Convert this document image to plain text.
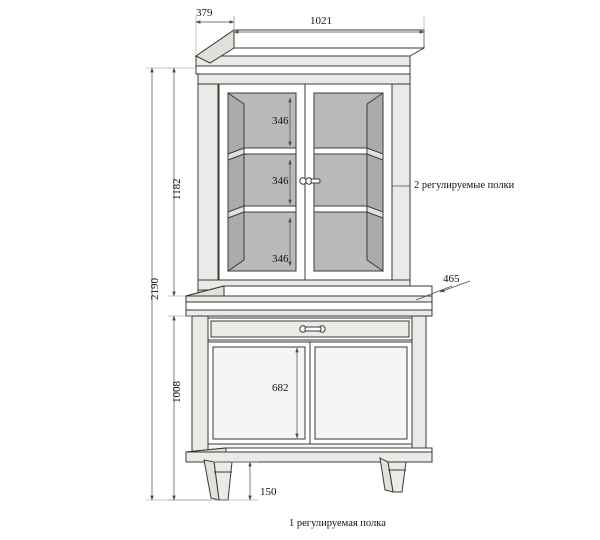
379
1021
1182
2190
1008
465
150
346
346
346
682
2 регулируемые полки
1 регулируемая полка
